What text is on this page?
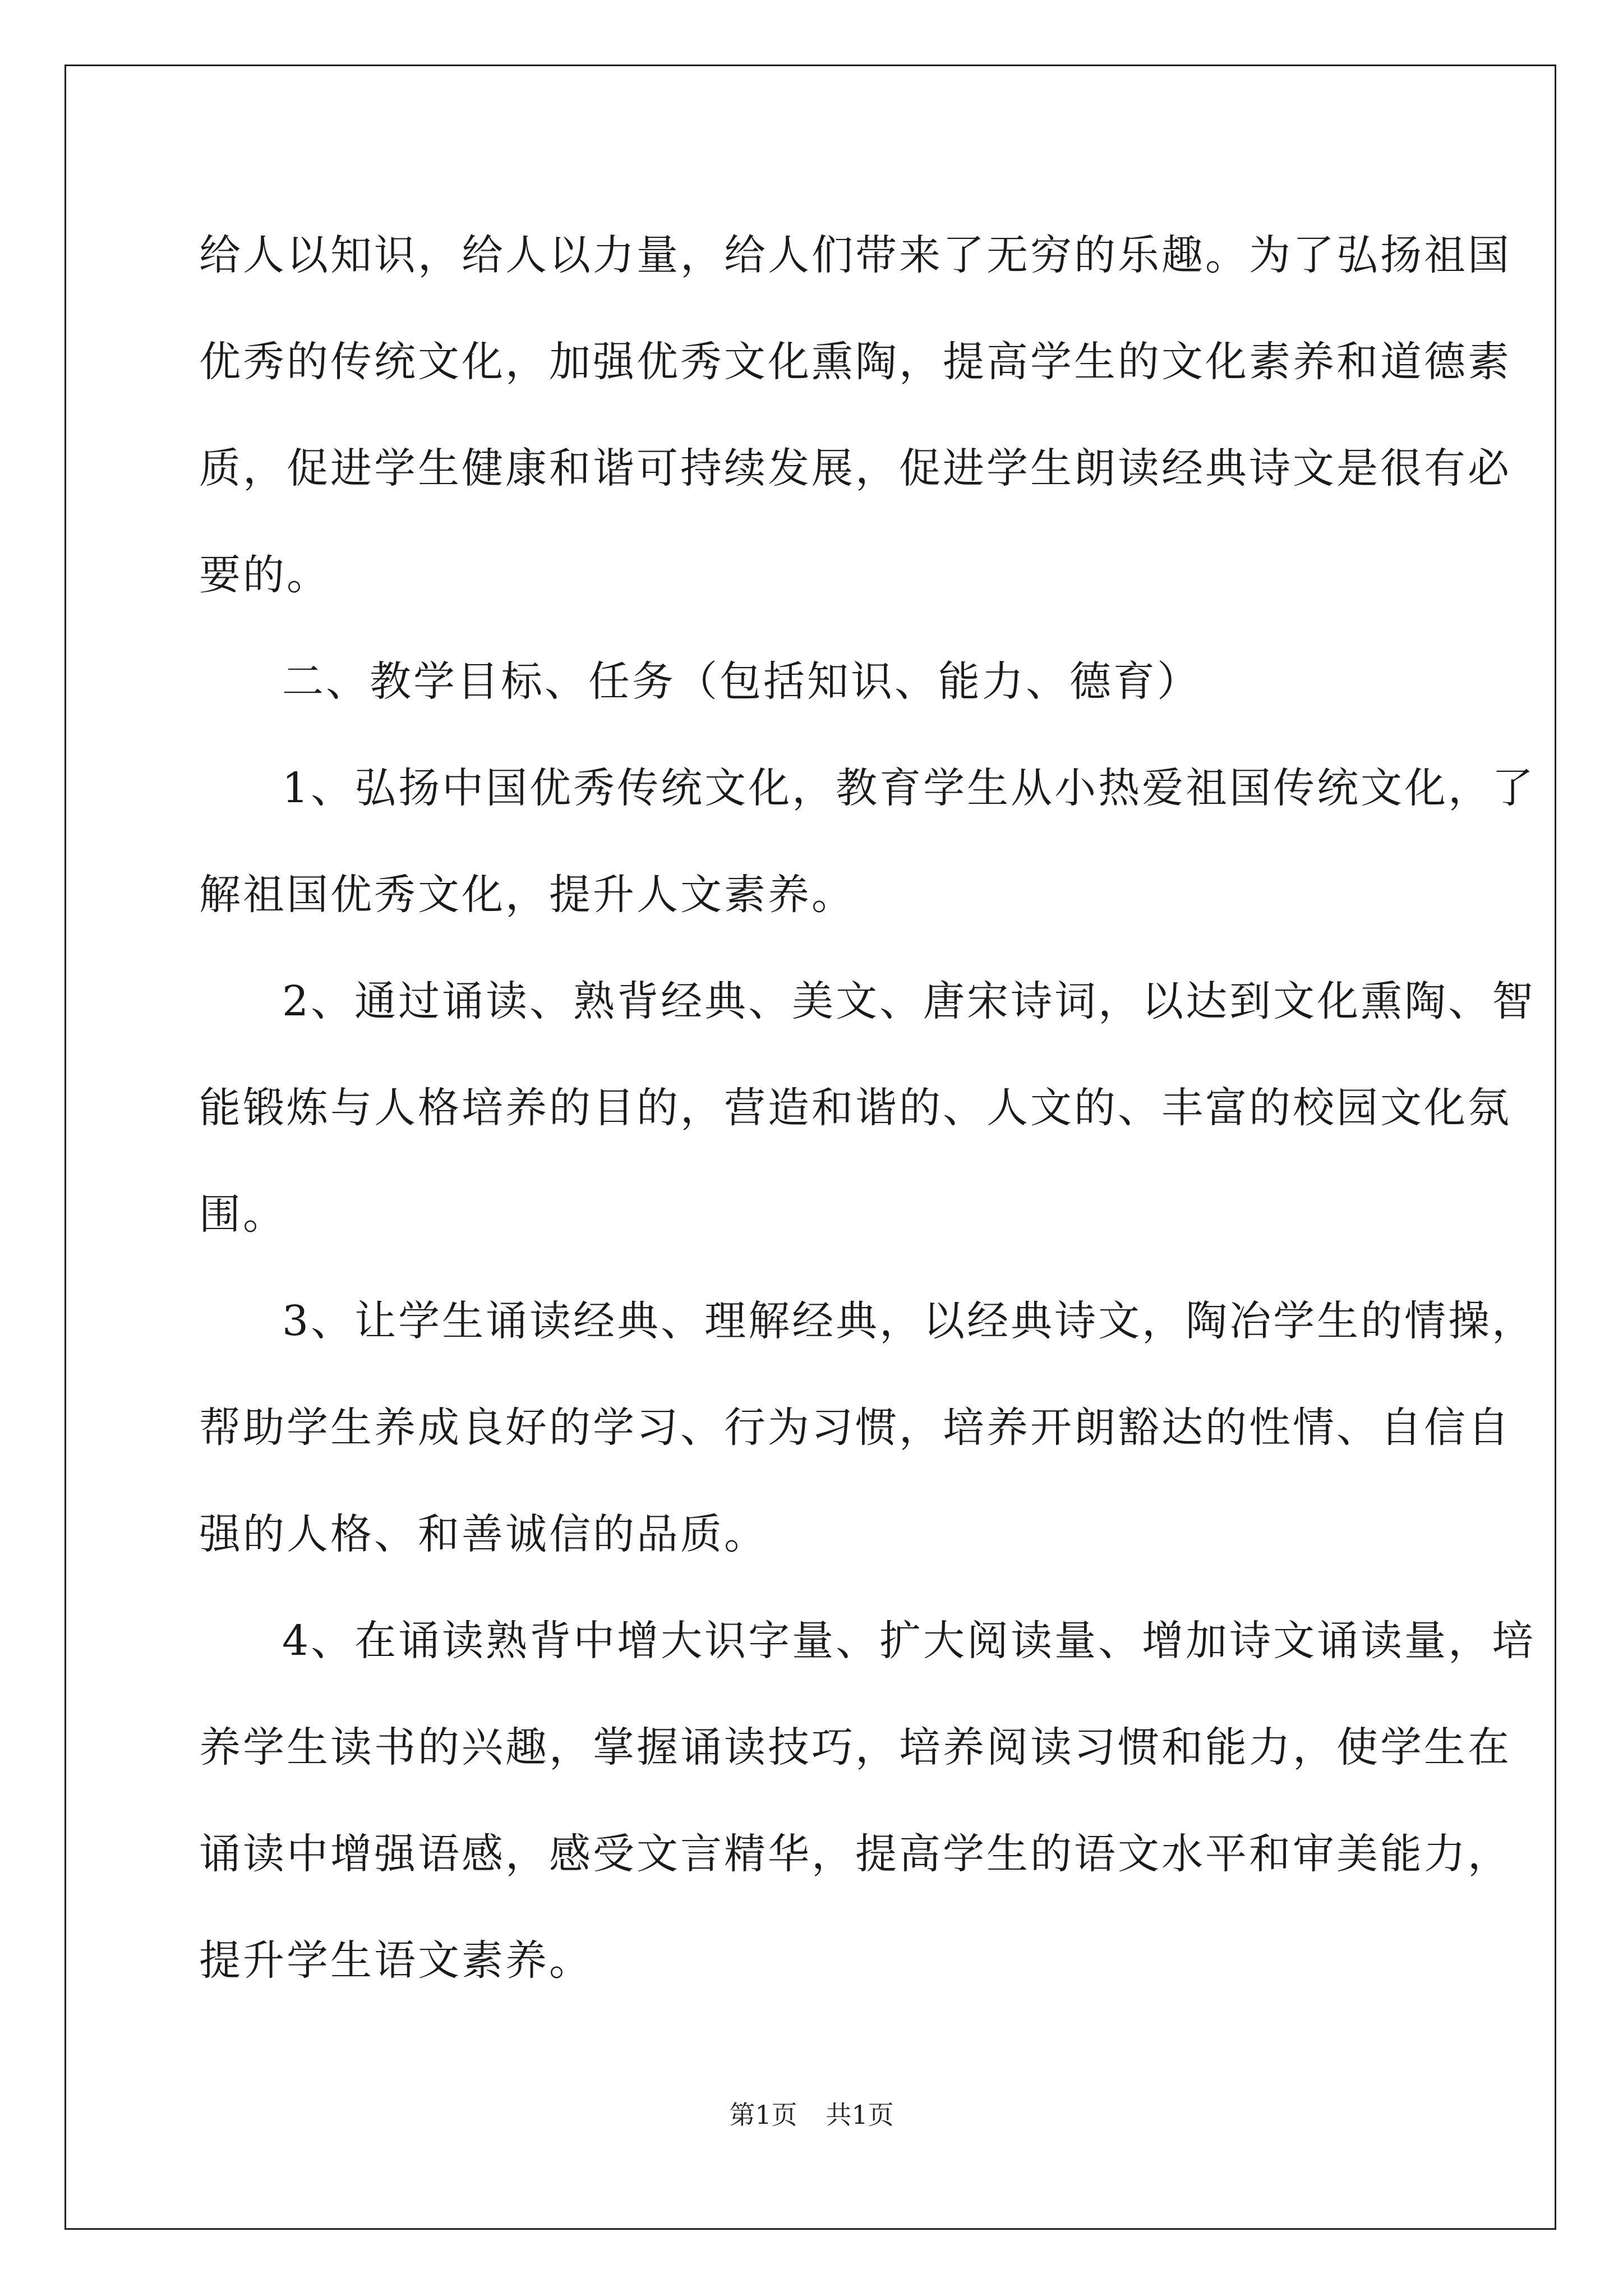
给人以知识，给人以力量，给人们带来了无穷的乐趣。为了弘扬祖国
优秀的传统文化，加强优秀文化熏陶，提高学生的文化素养和道德素
质，促进学生健康和谐可持续发展，促进学生朗读经典诗文是很有必
要的。
二、教学目标、任务（包括知识、能力、德育）
1、弘扬中国优秀传统文化，教育学生从小热爱祖国传统文化，了
解祖国优秀文化，提升人文素养。
2、通过诵读、熟背经典、美文、唐宋诗词，以达到文化熏陶、智
能锻炼与人格培养的目的，营造和谐的、人文的、丰富的校园文化氛
围。
3、让学生诵读经典、理解经典，以经典诗文，陶冶学生的情操，
帮助学生养成良好的学习、行为习惯，培养开朗豁达的性情、自信自
强的人格、和善诚信的品质。
4、在诵读熟背中增大识字量、扩大阅读量、增加诗文诵读量，培
养学生读书的兴趣，掌握诵读技巧，培养阅读习惯和能力，使学生在
诵读中增强语感，感受文言精华，提高学生的语文水平和审美能力，
提升学生语文素养。
第1页 共1页
